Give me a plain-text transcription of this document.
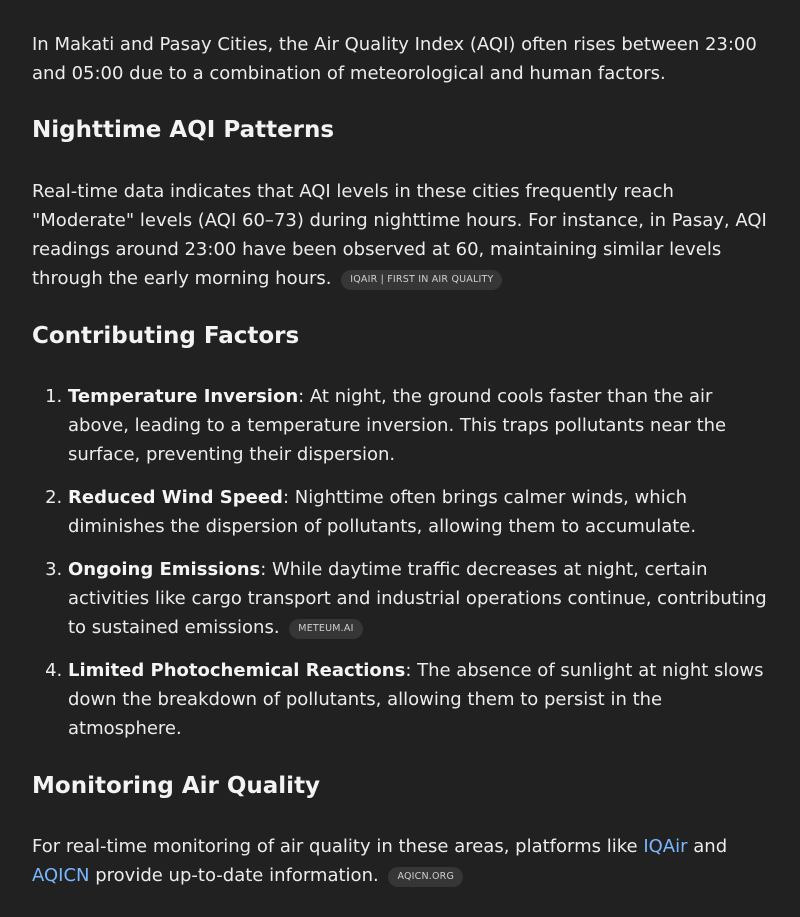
In Makati and Pasay Cities, the Air Quality Index (AQI) often rises between 23:00 and 05:00 due to a combination of meteorological and human factors.

Nighttime AQI Patterns

Real-time data indicates that AQI levels in these cities frequently reach "Moderate" levels (AQI 60–73) during nighttime hours. For instance, in Pasay, AQI readings around 23:00 have been observed at 60, maintaining similar levels through the early morning hours. IQAIR | FIRST IN AIR QUALITY

Contributing Factors
1. Temperature Inversion: At night, the ground cools faster than the air above, leading to a temperature inversion. This traps pollutants near the surface, preventing their dispersion.
2. Reduced Wind Speed: Nighttime often brings calmer winds, which diminishes the dispersion of pollutants, allowing them to accumulate.
3. Ongoing Emissions: While daytime traffic decreases at night, certain activities like cargo transport and industrial operations continue, contributing to sustained emissions. METEUM.AI
4. Limited Photochemical Reactions: The absence of sunlight at night slows down the breakdown of pollutants, allowing them to persist in the atmosphere.
Monitoring Air Quality

For real-time monitoring of air quality in these areas, platforms like IQAir and AQICN provide up-to-date information. AQICN.ORG
